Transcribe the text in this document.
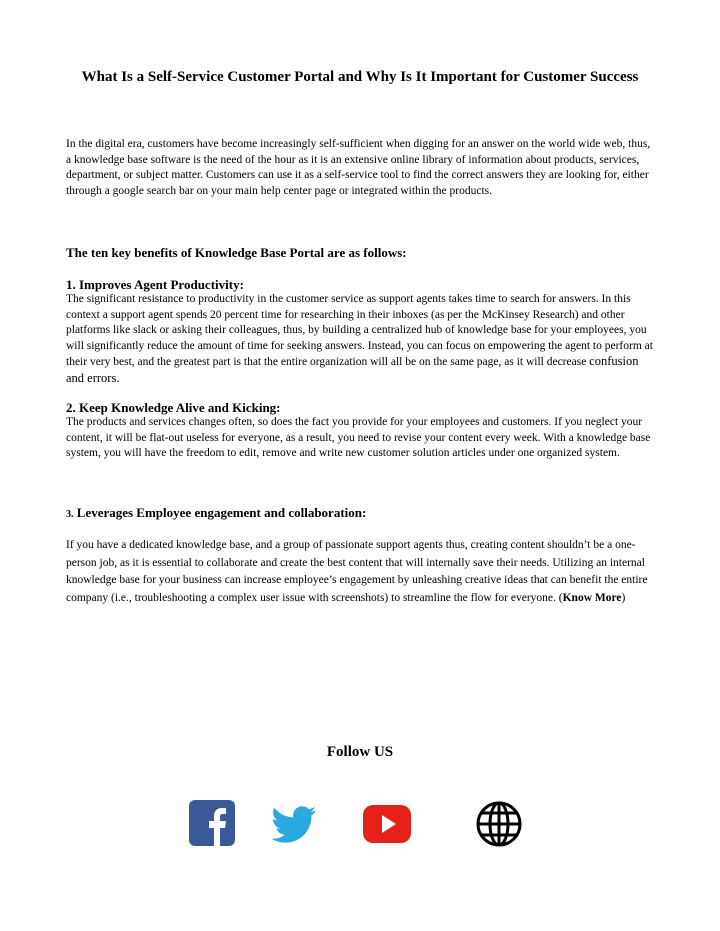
What Is a Self-Service Customer Portal and Why Is It Important for Customer Success
In the digital era, customers have become increasingly self-sufficient when digging for an answer on the world wide web, thus, a knowledge base software is the need of the hour as it is an extensive online library of information about products, services, department, or subject matter. Customers can use it as a self-service tool to find the correct answers they are looking for, either through a google search bar on your main help center page or integrated within the products.
The ten key benefits of Knowledge Base Portal are as follows:
1. Improves Agent Productivity:
The significant resistance to productivity in the customer service as support agents takes time to search for answers. In this context a support agent spends 20 percent time for researching in their inboxes (as per the McKinsey Research) and other platforms like slack or asking their colleagues, thus, by building a centralized hub of knowledge base for your employees, you will significantly reduce the amount of time for seeking answers. Instead, you can focus on empowering the agent to perform at their very best, and the greatest part is that the entire organization will all be on the same page, as it will decrease confusion and errors.
2. Keep Knowledge Alive and Kicking:
The products and services changes often, so does the fact you provide for your employees and customers. If you neglect your content, it will be flat-out useless for everyone, as a result, you need to revise your content every week. With a knowledge base system, you will have the freedom to edit, remove and write new customer solution articles under one organized system.
3. Leverages Employee engagement and collaboration:
If you have a dedicated knowledge base, and a group of passionate support agents thus, creating content shouldn’t be a one-person job, as it is essential to collaborate and create the best content that will internally save their needs. Utilizing an internal knowledge base for your business can increase employee’s engagement by unleashing creative ideas that can benefit the entire company (i.e., troubleshooting a complex user issue with screenshots) to streamline the flow for everyone. (Know More)
Follow US
